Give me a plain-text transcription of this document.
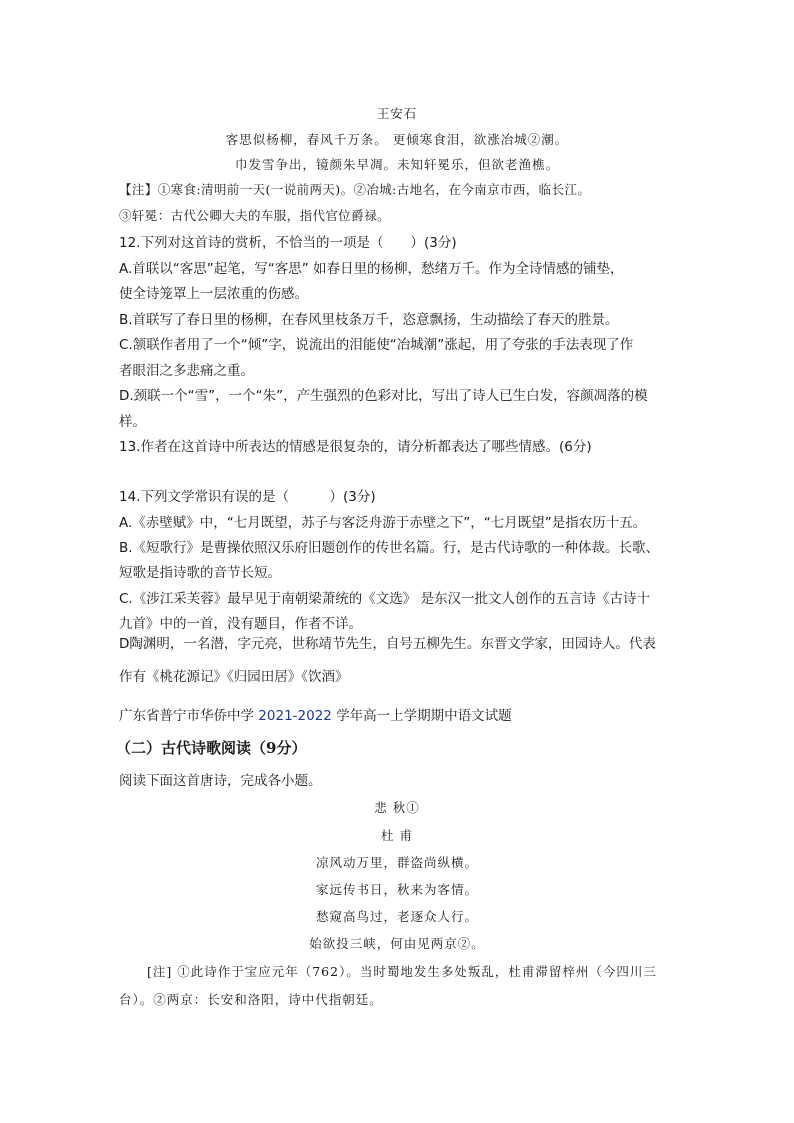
王安石
客思似杨柳，春风千万条。 更倾寒食泪，欲涨冶城②潮。
巾发雪争出，镜颜朱早凋。未知轩冕乐，但欲老渔樵。
【注】①寒食:清明前一天(一说前两天)。②冶城:古地名，在今南京市西，临长江。
③轩冕：古代公卿大夫的车服，指代官位爵禄。
12.下列对这首诗的赏析，不恰当的一项是（　　）(3分)
A.首联以“客思”起笔，写“客思” 如春日里的杨柳，愁绪万千。作为全诗情感的铺垫，
使全诗笼罩上一层浓重的伤感。
B.首联写了春日里的杨柳，在春风里枝条万千，恣意飘扬，生动描绘了春天的胜景。
C.颔联作者用了一个“倾”字，说流出的泪能使“冶城潮”涨起，用了夸张的手法表现了作
者眼泪之多悲痛之重。
D.颈联一个“雪”，一个“朱”，产生强烈的色彩对比，写出了诗人已生白发，容颜凋落的模
样。
13.作者在这首诗中所表达的情感是很复杂的，请分析都表达了哪些情感。(6分)
14.下列文学常识有误的是（　　　）(3分)
A.《赤壁赋》中，“七月既望，苏子与客泛舟游于赤壁之下”，“七月既望”是指农历十五。
B.《短歌行》是曹操依照汉乐府旧题创作的传世名篇。行，是古代诗歌的一种体裁。长歌、
短歌是指诗歌的音节长短。
C.《涉江采芙蓉》最早见于南朝梁萧统的《文选》 是东汉一批文人创作的五言诗《古诗十
九首》中的一首，没有题目，作者不详。
D陶渊明，一名潜，字元亮，世称靖节先生，自号五柳先生。东晋文学家，田园诗人。代表
作有《桃花源记》《归园田居》《饮酒》
广东省普宁市华侨中学 2021-2022 学年高一上学期期中语文试题
（二）古代诗歌阅读（9分）
阅读下面这首唐诗，完成各小题。
悲 秋①
杜 甫
凉风动万里，群盗尚纵横。
家远传书日，秋来为客情。
愁窥高鸟过，老逐众人行。
始欲投三峡，何由见两京②。
[注] ①此诗作于宝应元年（762）。当时蜀地发生多处叛乱，杜甫滞留梓州（今四川三
台）。②两京：长安和洛阳，诗中代指朝廷。
